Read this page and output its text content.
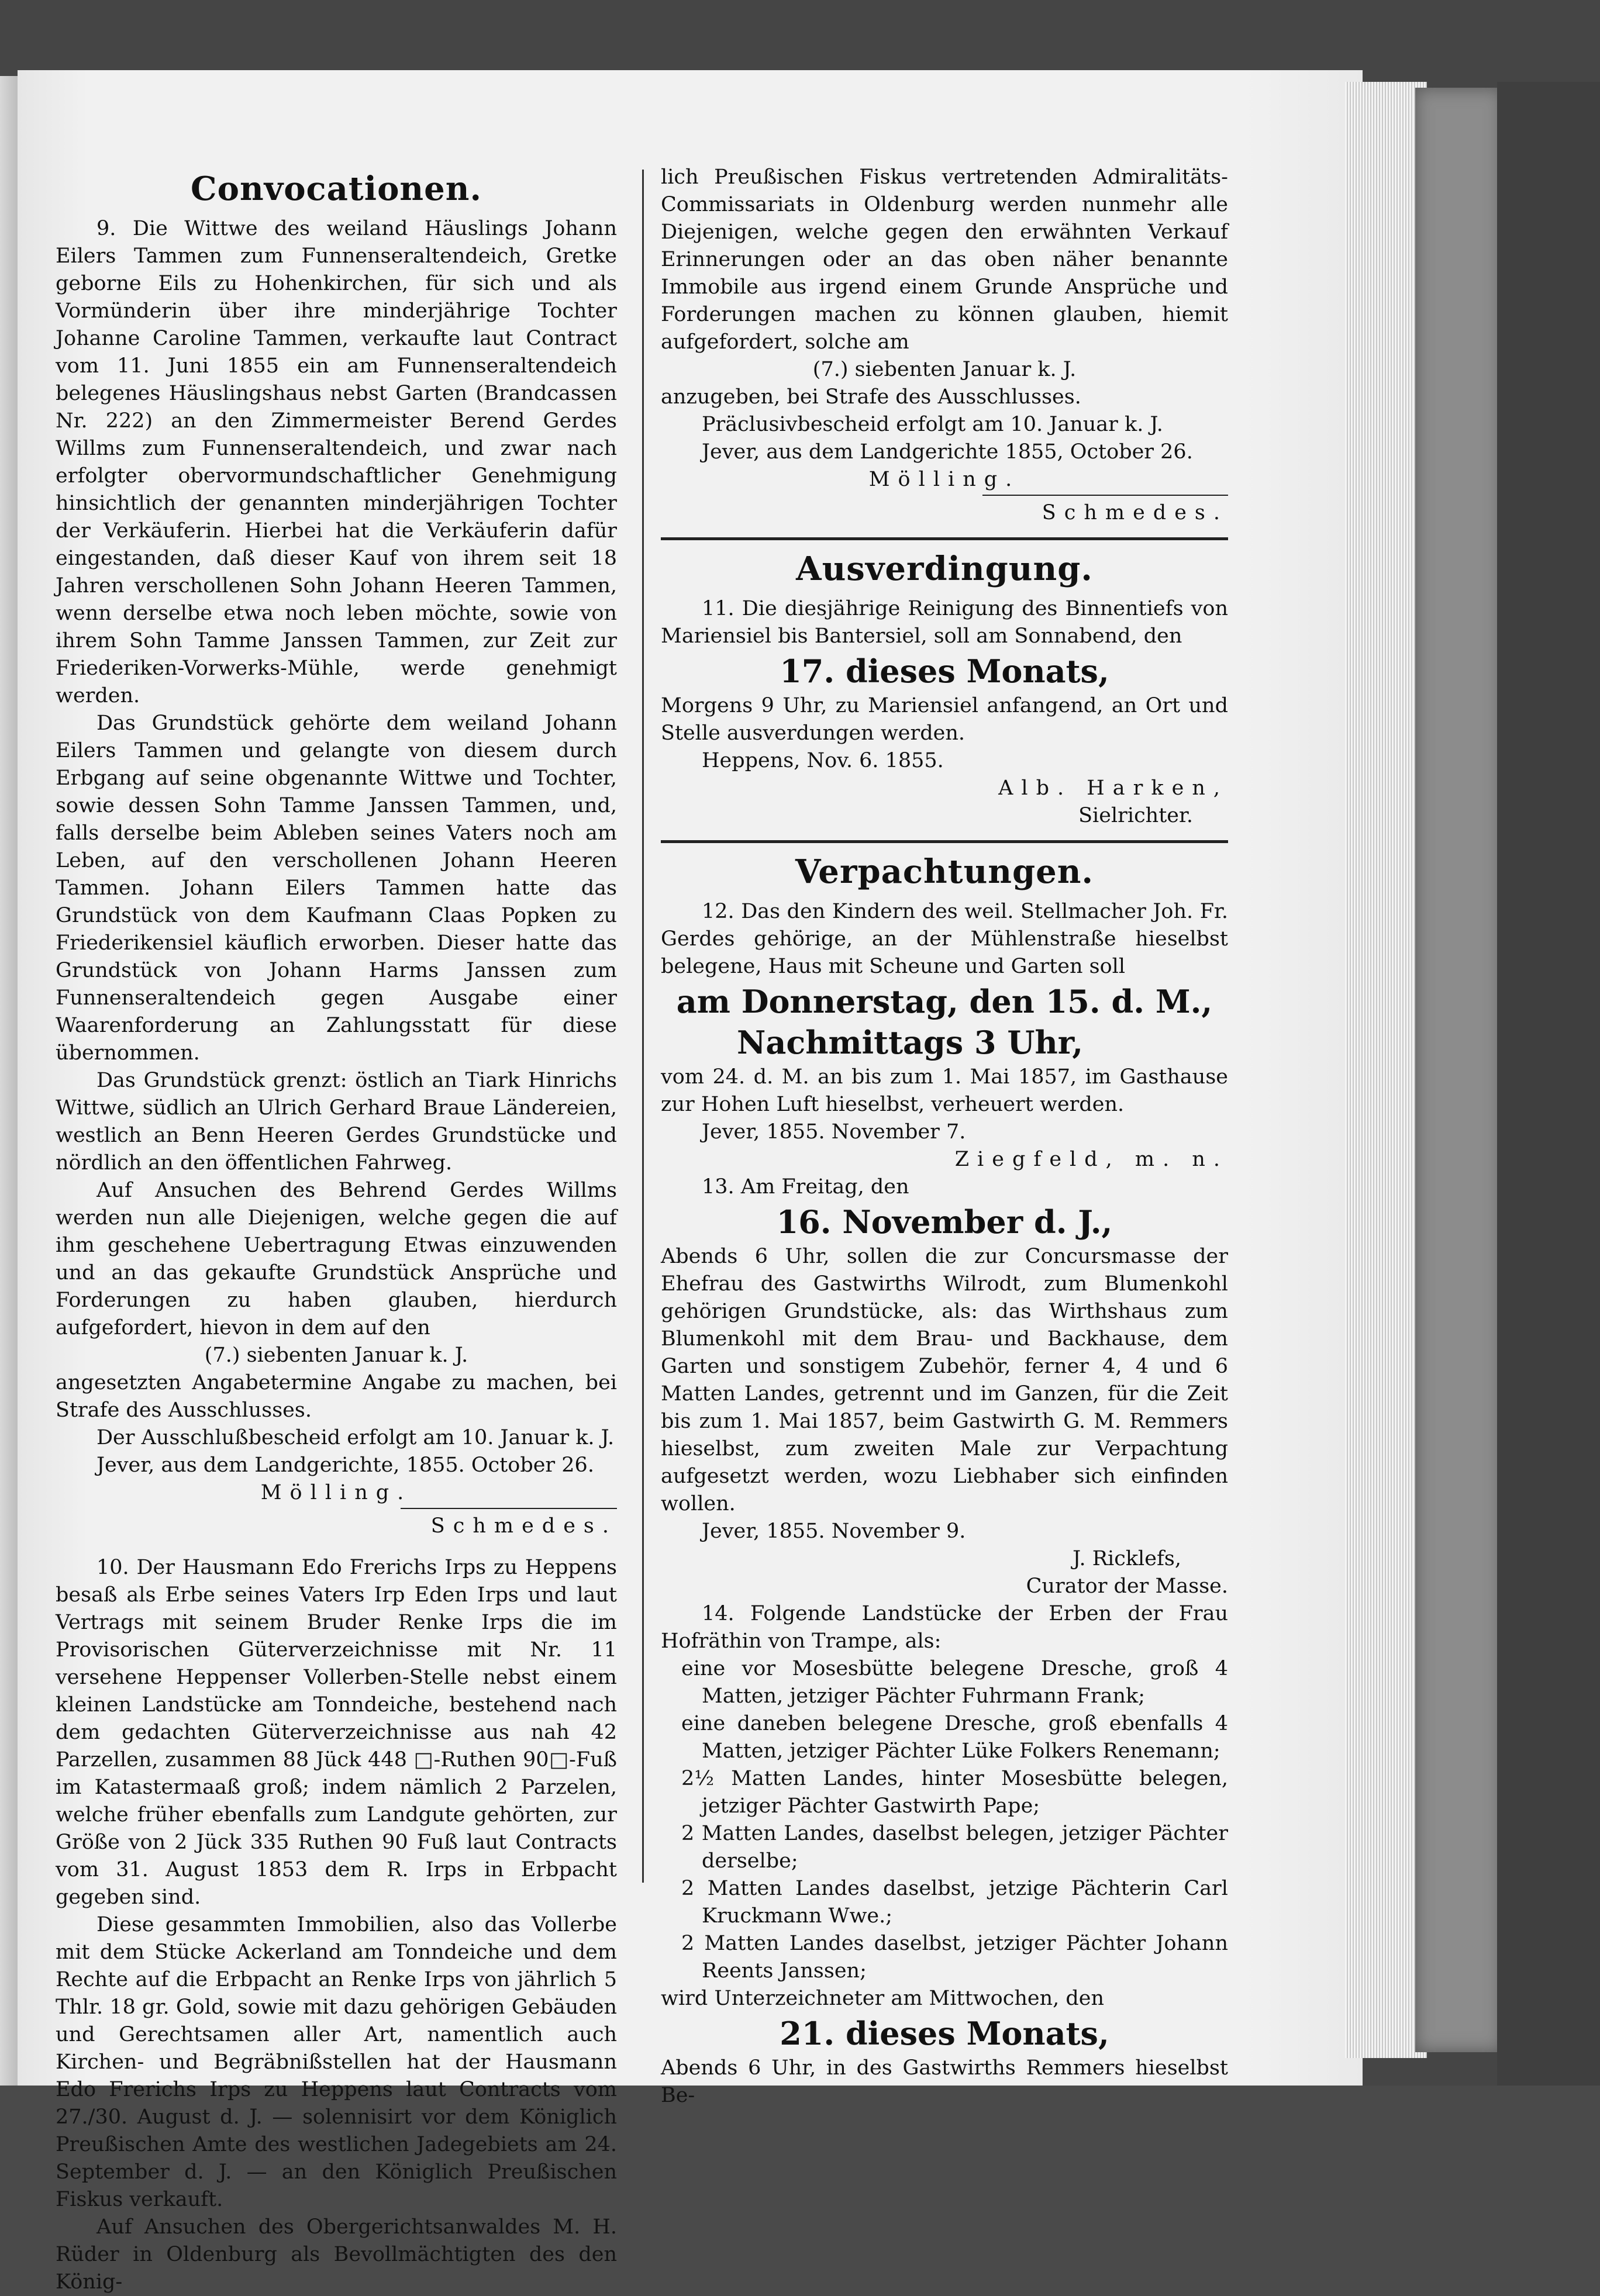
Convocationen.

9. Die Wittwe des weiland Häuslings Johann Eilers Tammen zum Funnenseraltendeich, Gretke geborne Eils zu Hohenkirchen, für sich und als Vormünderin über ihre minderjährige Tochter Johanne Caroline Tammen, verkaufte laut Contract vom 11. Juni 1855 ein am Funnenseraltendeich belegenes Häuslingshaus nebst Garten (Brandcassen Nr. 222) an den Zimmermeister Berend Gerdes Willms zum Funnenseraltendeich, und zwar nach erfolgter obervormundschaftlicher Genehmigung hinsichtlich der genannten minderjährigen Tochter der Verkäuferin. Hierbei hat die Verkäuferin dafür eingestanden, daß dieser Kauf von ihrem seit 18 Jahren verschollenen Sohn Johann Heeren Tammen, wenn derselbe etwa noch leben möchte, sowie von ihrem Sohn Tamme Janssen Tammen, zur Zeit zur Friederiken-Vorwerks-Mühle, werde genehmigt werden.

Das Grundstück gehörte dem weiland Johann Eilers Tammen und gelangte von diesem durch Erbgang auf seine obgenannte Wittwe und Tochter, sowie dessen Sohn Tamme Janssen Tammen, und, falls derselbe beim Ableben seines Vaters noch am Leben, auf den verschollenen Johann Heeren Tammen. Johann Eilers Tammen hatte das Grundstück von dem Kaufmann Claas Popken zu Friederikensiel käuflich erworben. Dieser hatte das Grundstück von Johann Harms Janssen zum Funnenseraltendeich gegen Ausgabe einer Waarenforderung an Zahlungsstatt für diese übernommen.

Das Grundstück grenzt: östlich an Tiark Hinrichs Wittwe, südlich an Ulrich Gerhard Braue Ländereien, westlich an Benn Heeren Gerdes Grundstücke und nördlich an den öffentlichen Fahrweg.

Auf Ansuchen des Behrend Gerdes Willms werden nun alle Diejenigen, welche gegen die auf ihm geschehene Uebertragung Etwas einzuwenden und an das gekaufte Grundstück Ansprüche und Forderungen zu haben glauben, hierdurch aufgefordert, hievon in dem auf den

(7.) siebenten Januar k. J.

angesetzten Angabetermine Angabe zu machen, bei Strafe des Ausschlusses.

Der Ausschlußbescheid erfolgt am 10. Januar k. J.

Jever, aus dem Landgerichte, 1855. October 26.

Mölling.

Schmedes.

10. Der Hausmann Edo Frerichs Irps zu Heppens besaß als Erbe seines Vaters Irp Eden Irps und laut Vertrags mit seinem Bruder Renke Irps die im Provisorischen Güterverzeichnisse mit Nr. 11 versehene Heppenser Vollerben-Stelle nebst einem kleinen Landstücke am Tonndeiche, bestehend nach dem gedachten Güterverzeichnisse aus nah 42 Parzellen, zusammen 88 Jück 448 □-Ruthen 90□-Fuß im Katastermaaß groß; indem nämlich 2 Parzelen, welche früher ebenfalls zum Landgute gehörten, zur Größe von 2 Jück 335 Ruthen 90 Fuß laut Contracts vom 31. August 1853 dem R. Irps in Erbpacht gegeben sind.

Diese gesammten Immobilien, also das Vollerbe mit dem Stücke Ackerland am Tonndeiche und dem Rechte auf die Erbpacht an Renke Irps von jährlich 5 Thlr. 18 gr. Gold, sowie mit dazu gehörigen Gebäuden und Gerechtsamen aller Art, namentlich auch Kirchen- und Begräbnißstellen hat der Hausmann Edo Frerichs Irps zu Heppens laut Contracts vom 27./30. August d. J. — solennisirt vor dem Königlich Preußischen Amte des westlichen Jadegebiets am 24. September d. J. — an den Königlich Preußischen Fiskus verkauft.

Auf Ansuchen des Obergerichtsanwaldes M. H. Rüder in Oldenburg als Bevollmächtigten des den König-

lich Preußischen Fiskus vertretenden Admiralitäts-Commissariats in Oldenburg werden nunmehr alle Diejenigen, welche gegen den erwähnten Verkauf Erinnerungen oder an das oben näher benannte Immobile aus irgend einem Grunde Ansprüche und Forderungen machen zu können glauben, hiemit aufgefordert, solche am

(7.) siebenten Januar k. J.

anzugeben, bei Strafe des Ausschlusses.

Präclusivbescheid erfolgt am 10. Januar k. J.

Jever, aus dem Landgerichte 1855, October 26.

Mölling.

Schmedes.

Ausverdingung.

11. Die diesjährige Reinigung des Binnentiefs von Mariensiel bis Bantersiel, soll am Sonnabend, den

17. dieses Monats,

Morgens 9 Uhr, zu Mariensiel anfangend, an Ort und Stelle ausverdungen werden.

Heppens, Nov. 6. 1855.

Alb. Harken,

Sielrichter.

Verpachtungen.

12. Das den Kindern des weil. Stellmacher Joh. Fr. Gerdes gehörige, an der Mühlenstraße hieselbst belegene, Haus mit Scheune und Garten soll

am Donnerstag, den 15. d. M.,
Nachmittags 3 Uhr,

vom 24. d. M. an bis zum 1. Mai 1857, im Gasthause zur Hohen Luft hieselbst, verheuert werden.

Jever, 1855. November 7.

Ziegfeld, m. n.

13. Am Freitag, den

16. November d. J.,

Abends 6 Uhr, sollen die zur Concursmasse der Ehefrau des Gastwirths Wilrodt, zum Blumenkohl gehörigen Grundstücke, als: das Wirthshaus zum Blumenkohl mit dem Brau- und Backhause, dem Garten und sonstigem Zubehör, ferner 4, 4 und 6 Matten Landes, getrennt und im Ganzen, für die Zeit bis zum 1. Mai 1857, beim Gastwirth G. M. Remmers hieselbst, zum zweiten Male zur Verpachtung aufgesetzt werden, wozu Liebhaber sich einfinden wollen.

Jever, 1855. November 9.

J. Ricklefs,

Curator der Masse.

14. Folgende Landstücke der Erben der Frau Hofräthin von Trampe, als:

eine vor Mosesbütte belegene Dresche, groß 4 Matten, jetziger Pächter Fuhrmann Frank;

eine daneben belegene Dresche, groß ebenfalls 4 Matten, jetziger Pächter Lüke Folkers Renemann;

2½ Matten Landes, hinter Mosesbütte belegen, jetziger Pächter Gastwirth Pape;

2 Matten Landes, daselbst belegen, jetziger Pächter derselbe;

2 Matten Landes daselbst, jetzige Pächterin Carl Kruckmann Wwe.;

2 Matten Landes daselbst, jetziger Pächter Johann Reents Janssen;

wird Unterzeichneter am Mittwochen, den

21. dieses Monats,

Abends 6 Uhr, in des Gastwirths Remmers hieselbst Be-
